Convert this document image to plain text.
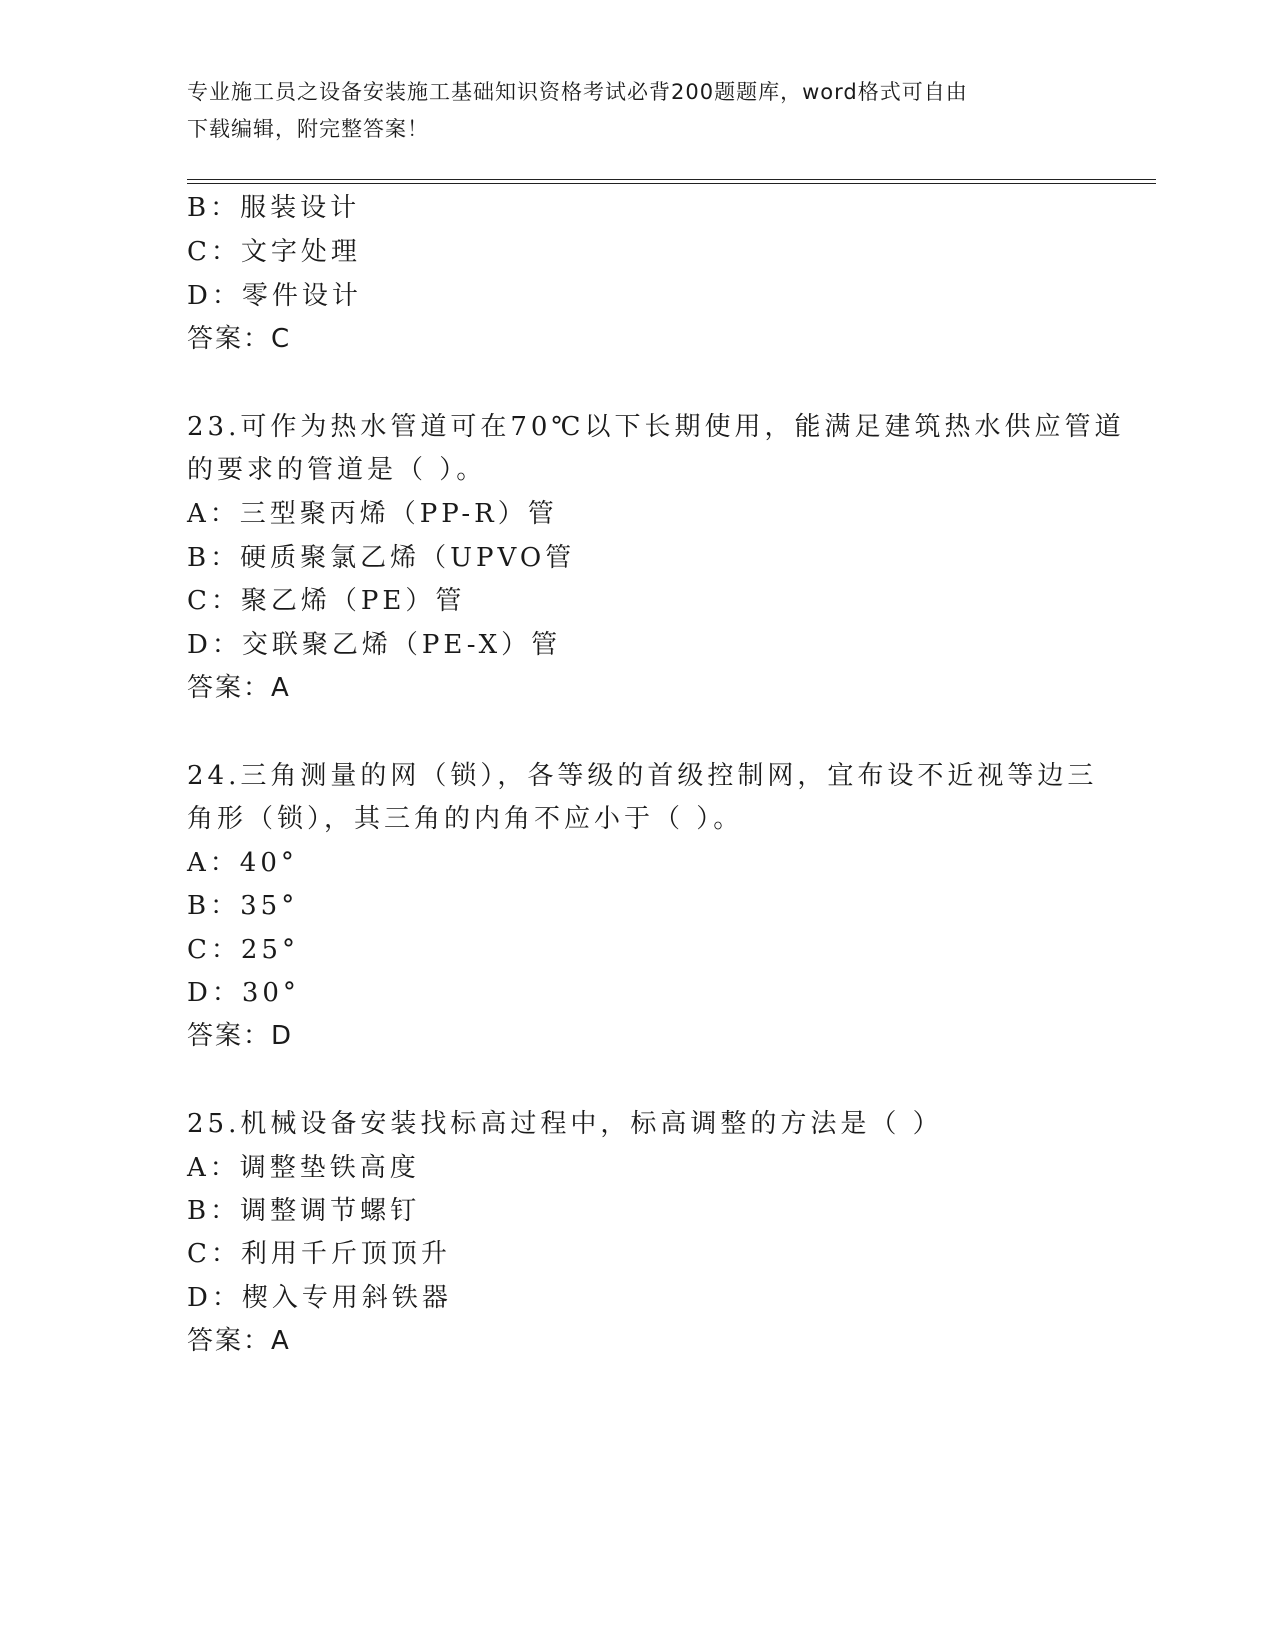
专业施工员之设备安装施工基础知识资格考试必背200题题库，word格式可自由
下载编辑，附完整答案！
B：服装设计
C：文字处理
D：零件设计
答案：C
23.可作为热水管道可在70℃以下长期使用，能满足建筑热水供应管道
的要求的管道是（ ）。
A：三型聚丙烯（PP-R）管
B：硬质聚氯乙烯（UPVO管
C：聚乙烯（PE）管
D：交联聚乙烯（PE-X）管
答案：A
24.三角测量的网（锁），各等级的首级控制网，宜布设不近视等边三
角形（锁），其三角的内角不应小于（ ）。
A：40°
B：35°
C：25°
D：30°
答案：D
25.机械设备安装找标高过程中，标高调整的方法是（ ）
A：调整垫铁高度
B：调整调节螺钉
C：利用千斤顶顶升
D：楔入专用斜铁器
答案：A
